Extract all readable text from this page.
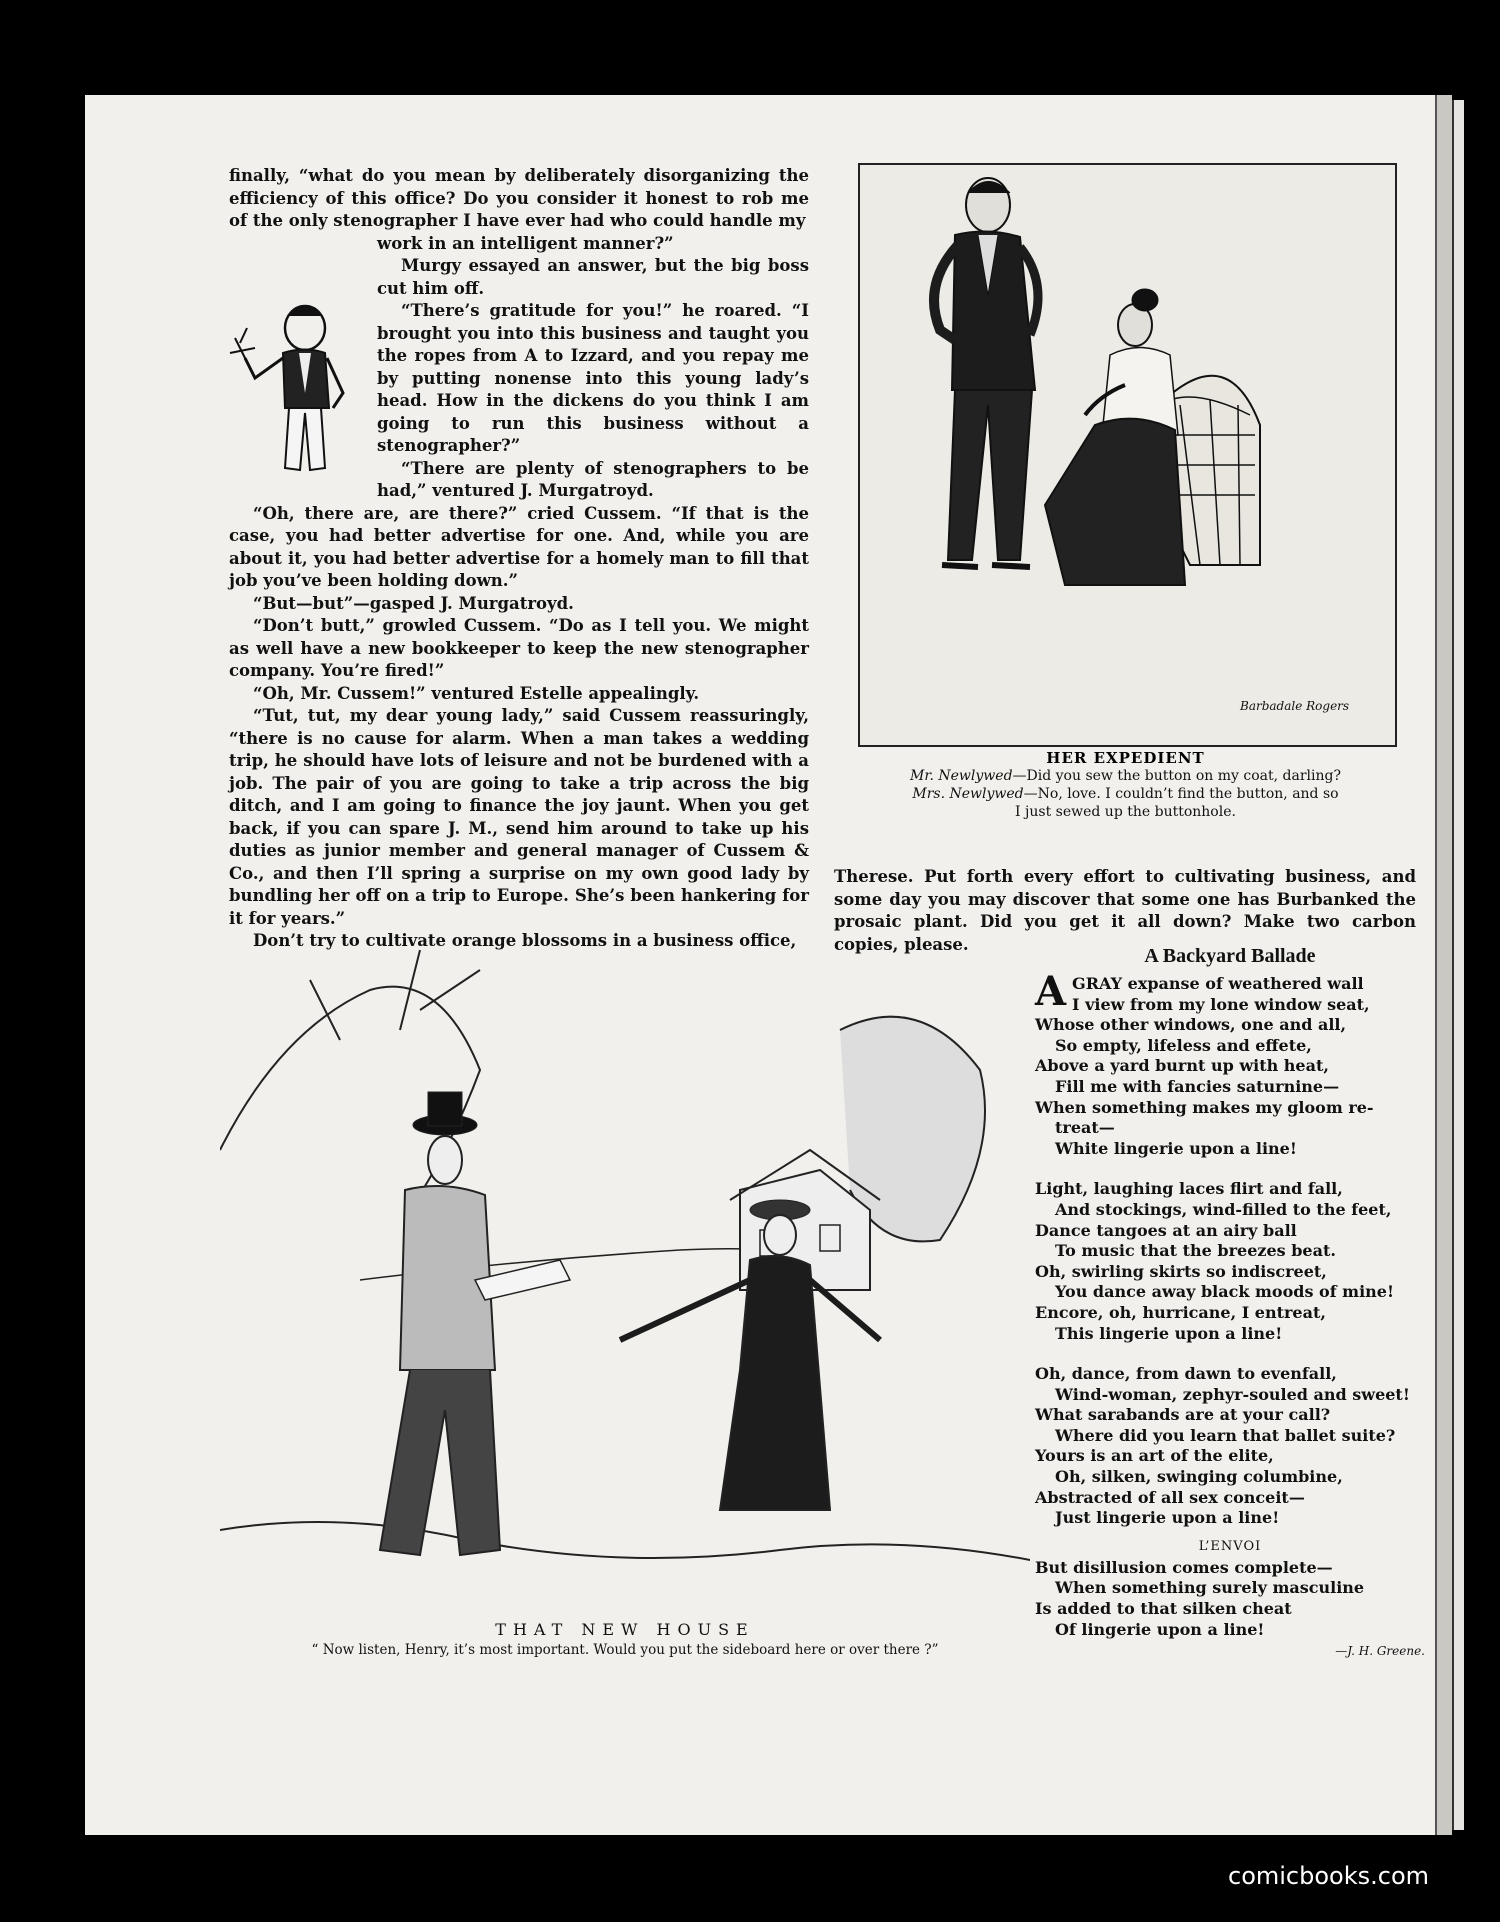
finally, “what do you mean by deliberately disorganizing the efficiency of this office? Do you consider it honest to rob me of the only stenographer I have ever had who could handle my

work in an intelligent manner?”

Murgy essayed an answer, but the big boss cut him off.

“There’s gratitude for you!” he roared. “I brought you into this business and taught you the ropes from A to Izzard, and you repay me by putting nonense into this young lady’s head. How in the dickens do you think I am going to run this business without a stenographer?”

“There are plenty of stenographers to be had,” ventured J. Murgatroyd.

“Oh, there are, are there?” cried Cussem. “If that is the case, you had better advertise for one. And, while you are about it, you had better advertise for a homely man to fill that job you’ve been holding down.”

“But—but”—gasped J. Murgatroyd.

“Don’t butt,” growled Cussem. “Do as I tell you. We might as well have a new bookkeeper to keep the new stenographer company. You’re fired!”

“Oh, Mr. Cussem!” ventured Estelle appealingly.

“Tut, tut, my dear young lady,” said Cussem reassuringly, “there is no cause for alarm. When a man takes a wedding trip, he should have lots of leisure and not be burdened with a job. The pair of you are going to take a trip across the big ditch, and I am going to finance the joy jaunt. When you get back, if you can spare J. M., send him around to take up his duties as junior member and general manager of Cussem & Co., and then I’ll spring a surprise on my own good lady by bundling her off on a trip to Europe. She’s been hankering for it for years.”

Don’t try to cultivate orange blossoms in a business office,

Barbadale Rogers
HER EXPEDIENT
Mr. Newlywed—Did you sew the button on my coat, darling?
Mrs. Newlywed—No, love. I couldn’t find the button, and so
I just sewed up the buttonhole.

Therese. Put forth every effort to cultivating business, and some day you may discover that some one has Burbanked the prosaic plant. Did you get it all down? Make two carbon copies, please.

THAT NEW HOUSE
“ Now listen, Henry, it’s most important. Would you put the sideboard here or over there ?”
A Backyard Ballade
AGRAY expanse of weathered wall
I view from my lone window seat,
Whose other windows, one and all,
So empty, lifeless and effete,
Above a yard burnt up with heat,
Fill me with fancies saturnine—
When something makes my gloom re-
treat—
White lingerie upon a line!
Light, laughing laces flirt and fall,
And stockings, wind-filled to the feet,
Dance tangoes at an airy ball
To music that the breezes beat.
Oh, swirling skirts so indiscreet,
You dance away black moods of mine!
Encore, oh, hurricane, I entreat,
This lingerie upon a line!
Oh, dance, from dawn to evenfall,
Wind-woman, zephyr-souled and sweet!
What sarabands are at your call?
Where did you learn that ballet suite?
Yours is an art of the elite,
Oh, silken, swinging columbine,
Abstracted of all sex conceit—
Just lingerie upon a line!
L’ENVOI
But disillusion comes complete—
When something surely masculine
Is added to that silken cheat
Of lingerie upon a line!
—J. H. Greene.
comicbooks.com
